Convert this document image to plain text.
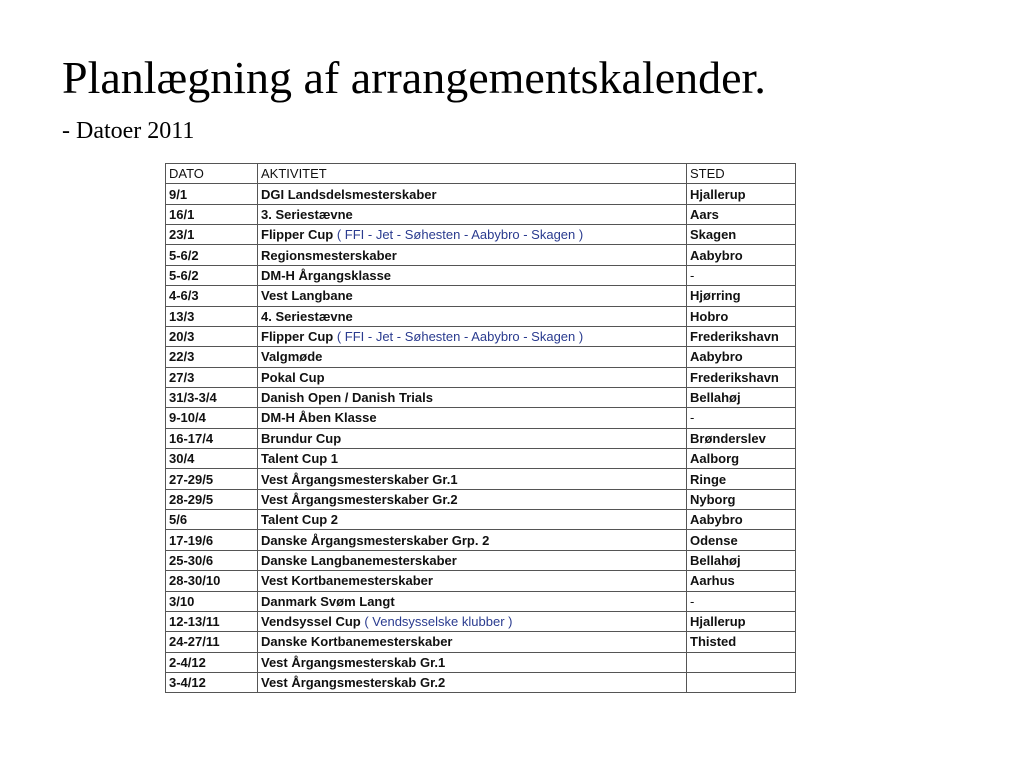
Planlægning af arrangementskalender.
- Datoer 2011
DATO	AKTIVITET	STED
9/1	DGI Landsdelsmesterskaber	Hjallerup
16/1	3. Seriestævne	Aars
23/1	Flipper Cup ( FFI - Jet - Søhesten - Aabybro - Skagen )	Skagen
5-6/2	Regionsmesterskaber	Aabybro
5-6/2	DM-H Årgangsklasse	-
4-6/3	Vest Langbane	Hjørring
13/3	4. Seriestævne	Hobro
20/3	Flipper Cup ( FFI - Jet - Søhesten - Aabybro - Skagen )	Frederikshavn
22/3	Valgmøde	Aabybro
27/3	Pokal Cup	Frederikshavn
31/3-3/4	Danish Open / Danish Trials	Bellahøj
9-10/4	DM-H Åben Klasse	-
16-17/4	Brundur Cup	Brønderslev
30/4	Talent Cup 1	Aalborg
27-29/5	Vest Årgangsmesterskaber Gr.1	Ringe
28-29/5	Vest Årgangsmesterskaber Gr.2	Nyborg
5/6	Talent Cup 2	Aabybro
17-19/6	Danske Årgangsmesterskaber Grp. 2	Odense
25-30/6	Danske Langbanemesterskaber	Bellahøj
28-30/10	Vest Kortbanemesterskaber	Aarhus
3/10	Danmark Svøm Langt	-
12-13/11	Vendsyssel Cup ( Vendsysselske klubber )	Hjallerup
24-27/11	Danske Kortbanemesterskaber	Thisted
2-4/12	Vest Årgangsmesterskab Gr.1	
3-4/12	Vest Årgangsmesterskab Gr.2	
